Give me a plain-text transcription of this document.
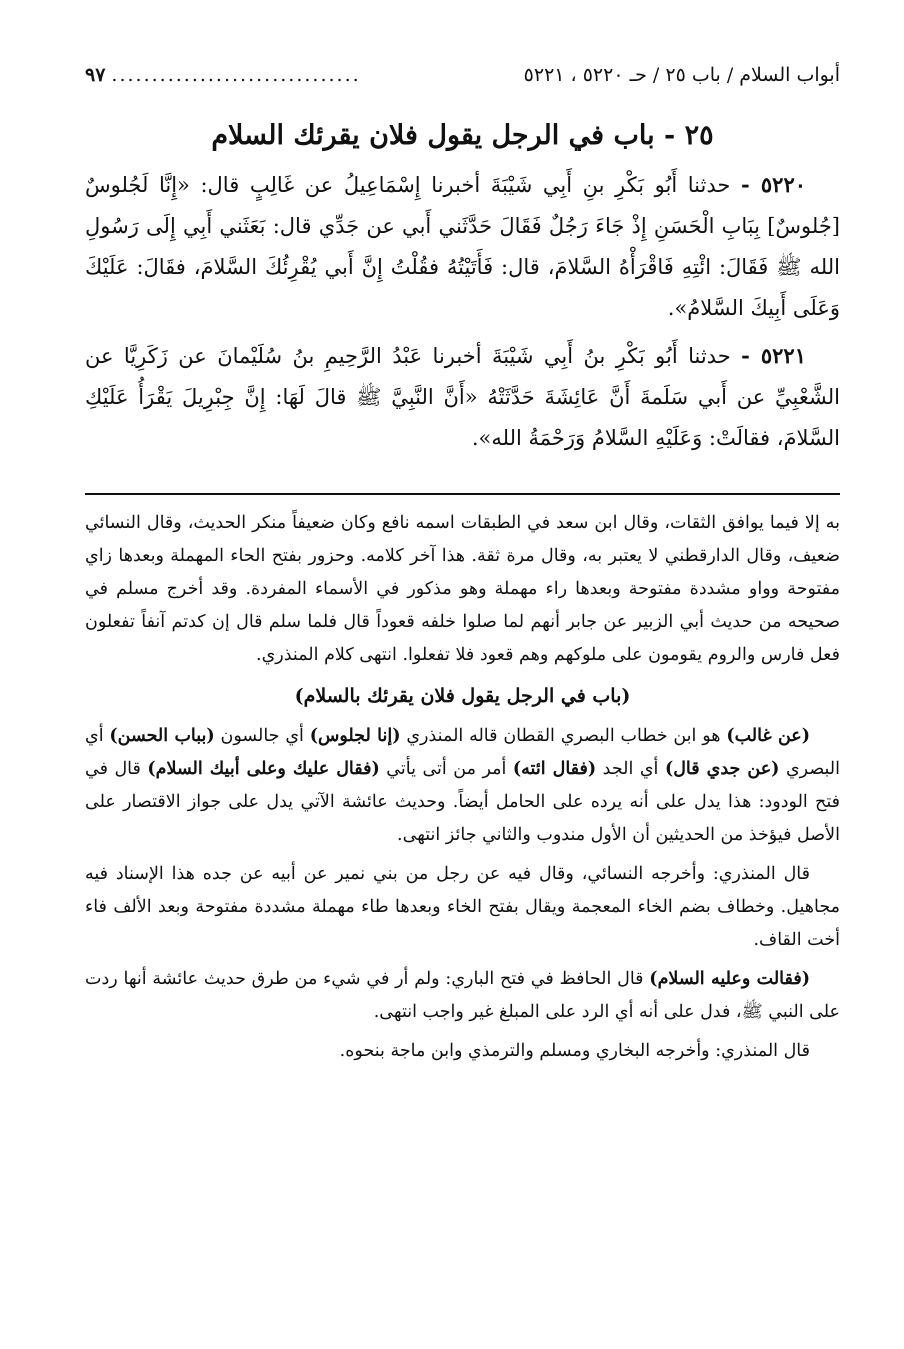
أبواب السلام / باب ٢٥ / حـ ٥٢٢٠ ، ٥٢٢١
...............................
٩٧
٢٥ - باب في الرجل يقول فلان يقرئك السلام

٥٢٢٠ - حدثنا أَبُو بَكْرِ بنِ أَبِي شَيْبَةَ أخبرنا إِسْمَاعِيلُ عن غَالِبٍ قال: «إِنَّا لَجُلوسٌ [جُلوسٌ] بِبَابِ الْحَسَنِ إِذْ جَاءَ رَجُلٌ فَقَالَ حَدَّثَني أَبي عن جَدِّي قال: بَعَثَني أَبِي إِلَى رَسُولِ الله ﷺ فَقَالَ: ائْتِهِ فَاقْرَأْهُ السَّلامَ، قال: فَأَتَيْتُهُ فقُلْتُ إِنَّ أَبي يُقْرِئُكَ السَّلامَ، فقَالَ: عَلَيْكَ وَعَلَى أَبِيكَ السَّلامُ».

٥٢٢١ - حدثنا أَبُو بَكْرِ بنُ أَبِي شَيْبَةَ أخبرنا عَبْدُ الرَّحِيمِ بنُ سُلَيْمانَ عن زَكَرِيَّا عن الشَّعْبِيِّ عن أَبي سَلَمةَ أَنَّ عَائِشَةَ حَدَّثَتْهُ «أَنَّ النَّبِيَّ ﷺ قالَ لَهَا: إِنَّ جِبْرِيلَ يَقْرَأُ عَلَيْكِ السَّلامَ، فقالَتْ: وَعَلَيْهِ السَّلامُ وَرَحْمَةُ الله».

به إلا فيما يوافق الثقات، وقال ابن سعد في الطبقات اسمه نافع وكان ضعيفاً منكر الحديث، وقال النسائي ضعيف، وقال الدارقطني لا يعتبر به، وقال مرة ثقة. هذا آخر كلامه. وحزور بفتح الحاء المهملة وبعدها زاي مفتوحة وواو مشددة مفتوحة وبعدها راء مهملة وهو مذكور في الأسماء المفردة. وقد أخرج مسلم في صحيحه من حديث أبي الزبير عن جابر أنهم لما صلوا خلفه قعوداً قال فلما سلم قال إن كدتم آنفاً تفعلون فعل فارس والروم يقومون على ملوكهم وهم قعود فلا تفعلوا. انتهى كلام المنذري.

(باب في الرجل يقول فلان يقرئك بالسلام)

(عن غالب) هو ابن خطاب البصري القطان قاله المنذري (إنا لجلوس) أي جالسون (بباب الحسن) أي البصري (عن جدي قال) أي الجد (فقال ائته) أمر من أتى يأتي (فقال عليك وعلى أبيك السلام) قال في فتح الودود: هذا يدل على أنه يرده على الحامل أيضاً. وحديث عائشة الآتي يدل على جواز الاقتصار على الأصل فيؤخذ من الحديثين أن الأول مندوب والثاني جائز انتهى.

قال المنذري: وأخرجه النسائي، وقال فيه عن رجل من بني نمير عن أبيه عن جده هذا الإسناد فيه مجاهيل. وخطاف بضم الخاء المعجمة ويقال بفتح الخاء وبعدها طاء مهملة مشددة مفتوحة وبعد الألف فاء أخت القاف.

(فقالت وعليه السلام) قال الحافظ في فتح الباري: ولم أر في شيء من طرق حديث عائشة أنها ردت على النبي ﷺ، فدل على أنه أي الرد على المبلغ غير واجب انتهى.

قال المنذري: وأخرجه البخاري ومسلم والترمذي وابن ماجة بنحوه.
